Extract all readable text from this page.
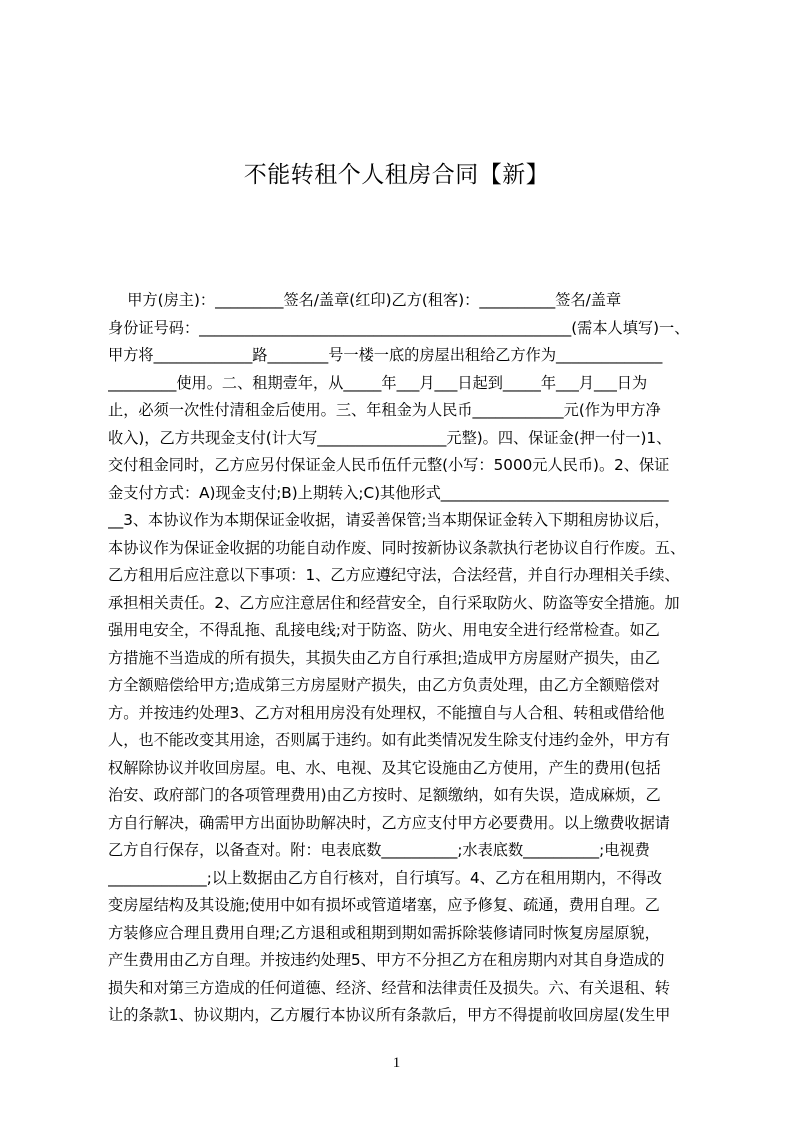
不能转租个人租房合同【新】
甲方(房主)：_________签名/盖章(红印)乙方(租客)：__________签名/盖章
身份证号码：_________________________________________________(需本人填写)一、
甲方将_____________路________号一楼一底的房屋出租给乙方作为______________
_________使用。二、租期壹年，从_____年___月___日起到_____年___月___日为
止，必须一次性付清租金后使用。三、年租金为人民币____________元(作为甲方净
收入)，乙方共现金支付(计大写_________________元整)。四、保证金(押一付一)1、
交付租金同时，乙方应另付保证金人民币伍仟元整(小写：5000元人民币)。2、保证
金支付方式：A)现金支付;B)上期转入;C)其他形式______________________________
__3、本协议作为本期保证金收据，请妥善保管;当本期保证金转入下期租房协议后，
本协议作为保证金收据的功能自动作废、同时按新协议条款执行老协议自行作废。五、
乙方租用后应注意以下事项：1、乙方应遵纪守法，合法经营，并自行办理相关手续、
承担相关责任。2、乙方应注意居住和经营安全，自行采取防火、防盗等安全措施。加
强用电安全，不得乱拖、乱接电线;对于防盗、防火、用电安全进行经常检查。如乙
方措施不当造成的所有损失，其损失由乙方自行承担;造成甲方房屋财产损失，由乙
方全额赔偿给甲方;造成第三方房屋财产损失，由乙方负责处理，由乙方全额赔偿对
方。并按违约处理3、乙方对租用房没有处理权，不能擅自与人合租、转租或借给他
人，也不能改变其用途，否则属于违约。如有此类情况发生除支付违约金外，甲方有
权解除协议并收回房屋。电、水、电视、及其它设施由乙方使用，产生的费用(包括
治安、政府部门的各项管理费用)由乙方按时、足额缴纳，如有失误，造成麻烦，乙
方自行解决，确需甲方出面协助解决时，乙方应支付甲方必要费用。以上缴费收据请
乙方自行保存，以备查对。附：电表底数__________;水表底数__________;电视费
_____________;以上数据由乙方自行核对，自行填写。4、乙方在租用期内，不得改
变房屋结构及其设施;使用中如有损坏或管道堵塞，应予修复、疏通，费用自理。乙
方装修应合理且费用自理;乙方退租或租期到期如需拆除装修请同时恢复房屋原貌，
产生费用由乙方自理。并按违约处理5、甲方不分担乙方在租房期内对其自身造成的
损失和对第三方造成的任何道德、经济、经营和法律责任及损失。六、有关退租、转
让的条款1、协议期内，乙方履行本协议所有条款后，甲方不得提前收回房屋(发生甲
1
